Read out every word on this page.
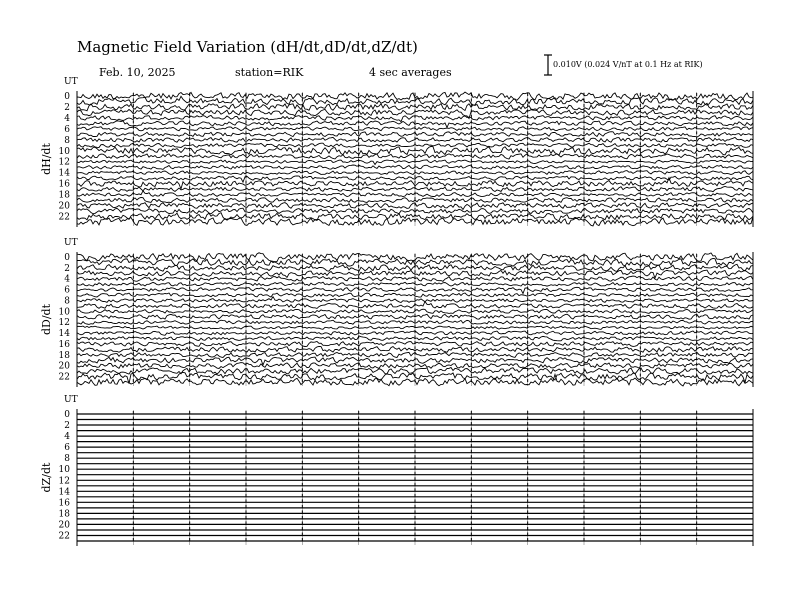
Magnetic Field Variation (dH/dt,dD/dt,dZ/dt)
Feb. 10, 2025	station=RIK	4 sec averages
0.010V (0.024 V/nT at 0.1 Hz at RIK)
dH/dt
UT
0
2
4
6
8
10
12
14
16
18
20
22
dD/dt
UT
0
2
4
6
8
10
12
14
16
18
20
22
dZ/dt
UT
0
2
4
6
8
10
12
14
16
18
20
22
